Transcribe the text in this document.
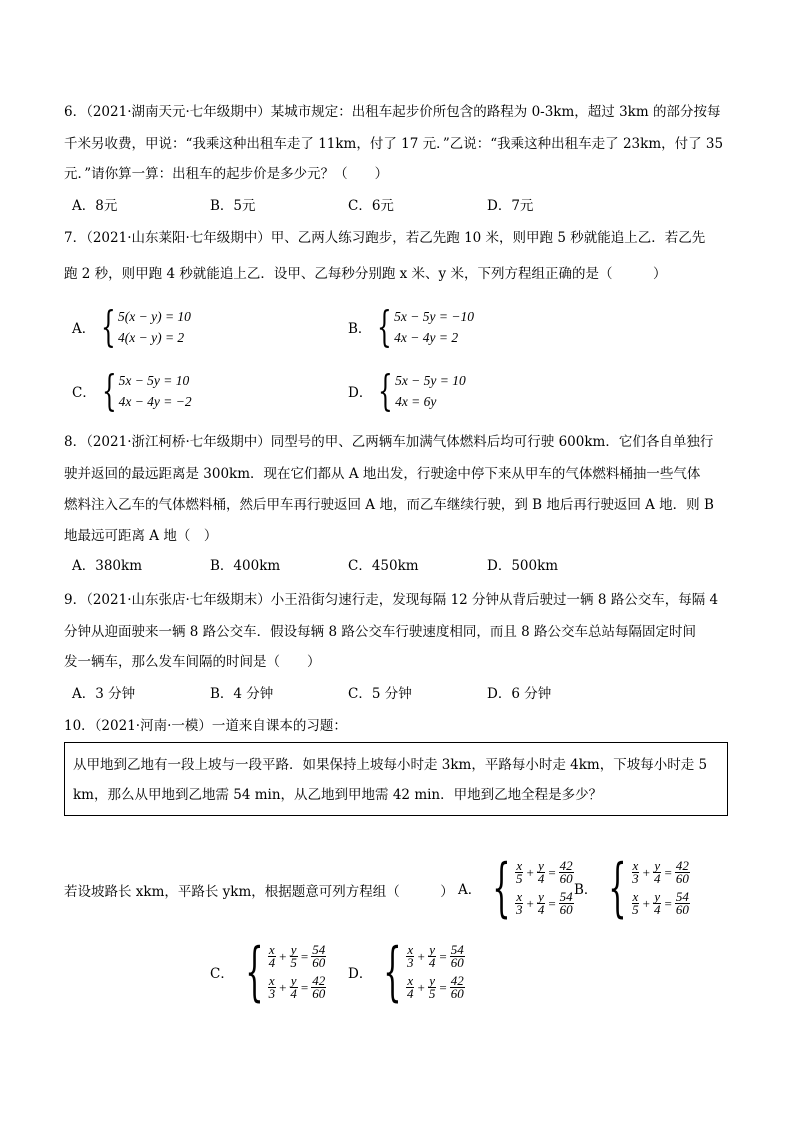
6．（2021·湖南天元·七年级期中）某城市规定：出租车起步价所包含的路程为 0-3km，超过 3km 的部分按每
千米另收费，甲说：“我乘这种出租车走了 11km，付了 17 元．”乙说：“我乘这种出租车走了 23km，付了 35
元．”请你算一算：出租车的起步价是多少元？（　　）
A．8元	B．5元	C．6元	D．7元
7．（2021·山东莱阳·七年级期中）甲、乙两人练习跑步，若乙先跑 10 米，则甲跑 5 秒就能追上乙．若乙先
跑 2 秒，则甲跑 4 秒就能追上乙．设甲、乙每秒分别跑 x 米、y 米，下列方程组正确的是（　　　）
A． { 5(x − y) = 10
4(x − y) = 2
B． { 5x − 5y = −10
4x − 4y = 2
C． { 5x − 5y = 10
4x − 4y = −2
D． { 5x − 5y = 10
4x = 6y
8．（2021·浙江柯桥·七年级期中）同型号的甲、乙两辆车加满气体燃料后均可行驶 600km．它们各自单独行
驶并返回的最远距离是 300km．现在它们都从 A 地出发，行驶途中停下来从甲车的气体燃料桶抽一些气体
燃料注入乙车的气体燃料桶，然后甲车再行驶返回 A 地，而乙车继续行驶，到 B 地后再行驶返回 A 地．则 B
地最远可距离 A 地（　）
A．380km	B．400km	C．450km	D．500km
9．（2021·山东张店·七年级期末）小王沿街匀速行走，发现每隔 12 分钟从背后驶过一辆 8 路公交车，每隔 4
分钟从迎面驶来一辆 8 路公交车．假设每辆 8 路公交车行驶速度相同，而且 8 路公交车总站每隔固定时间
发一辆车，那么发车间隔的时间是（　　）
A．3 分钟	B．4 分钟	C．5 分钟	D．6 分钟
10．（2021·河南·一模）一道来自课本的习题：
从甲地到乙地有一段上坡与一段平路．如果保持上坡每小时走 3km，平路每小时走 4km，下坡每小时走 5
km，那么从甲地到乙地需 54 min，从乙地到甲地需 42 min．甲地到乙地全程是多少？
若设坡路长 xkm，平路长 ykm，根据题意可列方程组（　　　） A． { $\frac{x}{5} + \frac{y}{4} = \frac{42}{60}$
$\frac{x}{3} + \frac{y}{4} = \frac{54}{60}$
B． { $\frac{x}{3} + \frac{y}{4} = \frac{42}{60}$
$\frac{x}{5} + \frac{y}{4} = \frac{54}{60}$
C． { $\frac{x}{4} + \frac{y}{5} = \frac{54}{60}$
$\frac{x}{3} + \frac{y}{4} = \frac{42}{60}$
D． { $\frac{x}{3} + \frac{y}{4} = \frac{54}{60}$
$\frac{x}{4} + \frac{y}{5} = \frac{42}{60}$
